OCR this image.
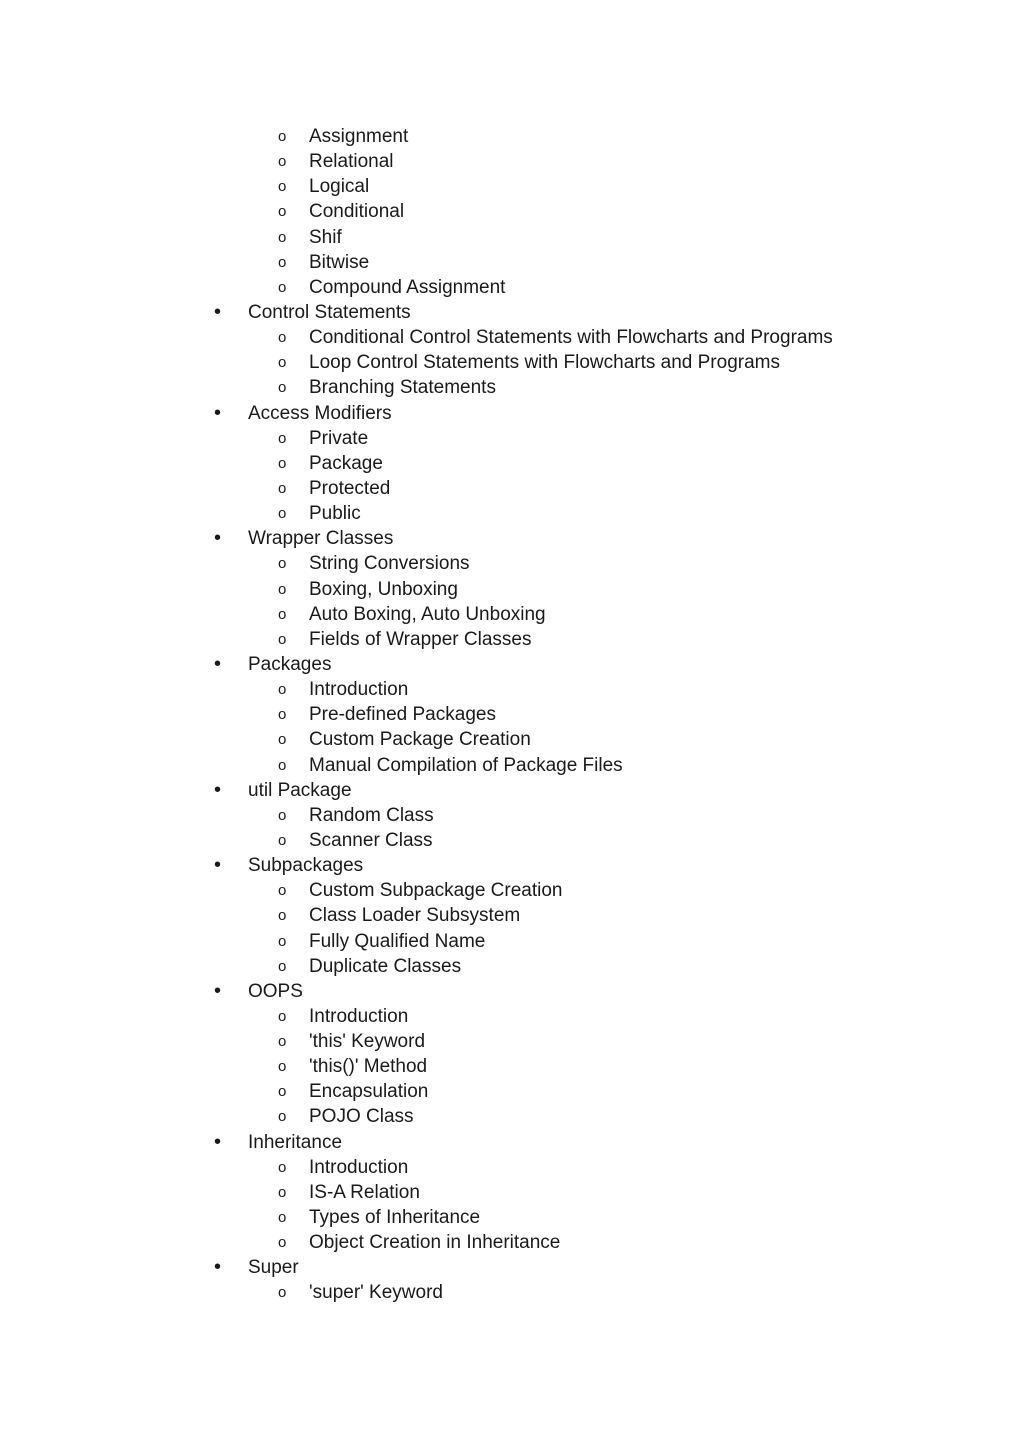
o Assignment
o Relational
o Logical
o Conditional
o Shif
o Bitwise
o Compound Assignment
• Control Statements
o Conditional Control Statements with Flowcharts and Programs
o Loop Control Statements with Flowcharts and Programs
o Branching Statements
• Access Modifiers
o Private
o Package
o Protected
o Public
• Wrapper Classes
o String Conversions
o Boxing, Unboxing
o Auto Boxing, Auto Unboxing
o Fields of Wrapper Classes
• Packages
o Introduction
o Pre-defined Packages
o Custom Package Creation
o Manual Compilation of Package Files
• util Package
o Random Class
o Scanner Class
• Subpackages
o Custom Subpackage Creation
o Class Loader Subsystem
o Fully Qualified Name
o Duplicate Classes
• OOPS
o Introduction
o 'this' Keyword
o 'this()' Method
o Encapsulation
o POJO Class
• Inheritance
o Introduction
o IS-A Relation
o Types of Inheritance
o Object Creation in Inheritance
• Super
o 'super' Keyword
